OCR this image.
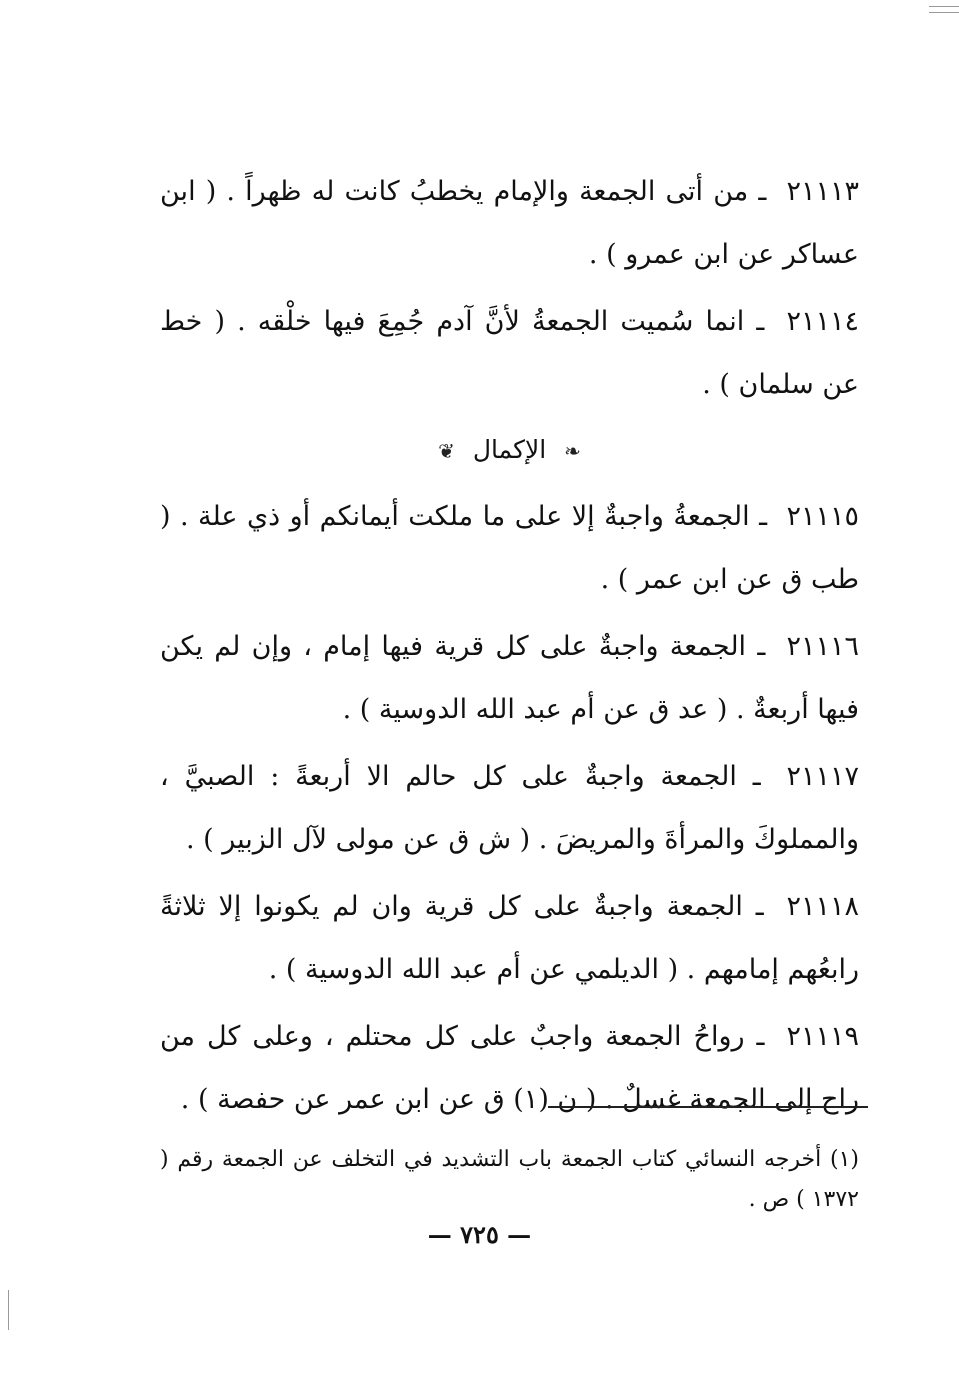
٢١١١٣ ـ من أتى الجمعة والإمام يخطبُ كانت له ظهراً . ( ابن عساكر عن ابن عمرو ) .

٢١١١٤ ـ انما سُميت الجمعةُ لأنَّ آدم جُمِعَ فيها خلْقه . ( خط عن سلمان ) .

❧ الإكمال ❦

٢١١١٥ ـ الجمعةُ واجبةٌ إلا على ما ملكت أيمانكم أو ذي علة . ( طب ق عن ابن عمر ) .

٢١١١٦ ـ الجمعة واجبةٌ على كل قرية فيها إمام ، وإن لم يكن فيها أربعةٌ . ( عد ق عن أم عبد الله الدوسية ) .

٢١١١٧ ـ الجمعة واجبةٌ على كل حالم الا أربعةً : الصبيَّ ، والمملوكَ والمرأةَ والمريضَ . ( ش ق عن مولى لآل الزبير ) .

٢١١١٨ ـ الجمعة واجبةٌ على كل قرية وان لم يكونوا إلا ثلاثةً رابعُهم إمامهم . ( الديلمي عن أم عبد الله الدوسية ) .

٢١١١٩ ـ رواحُ الجمعة واجبٌ على كل محتلم ، وعلى كل من راح إلى الجمعة غسلٌ . ( ن (١) ق عن ابن عمر عن حفصة ) .

(١) أخرجه النسائي كتاب الجمعة باب التشديد في التخلف عن الجمعة رقم ( ١٣٧٢ ) ص .

— ٧٢٥ —
